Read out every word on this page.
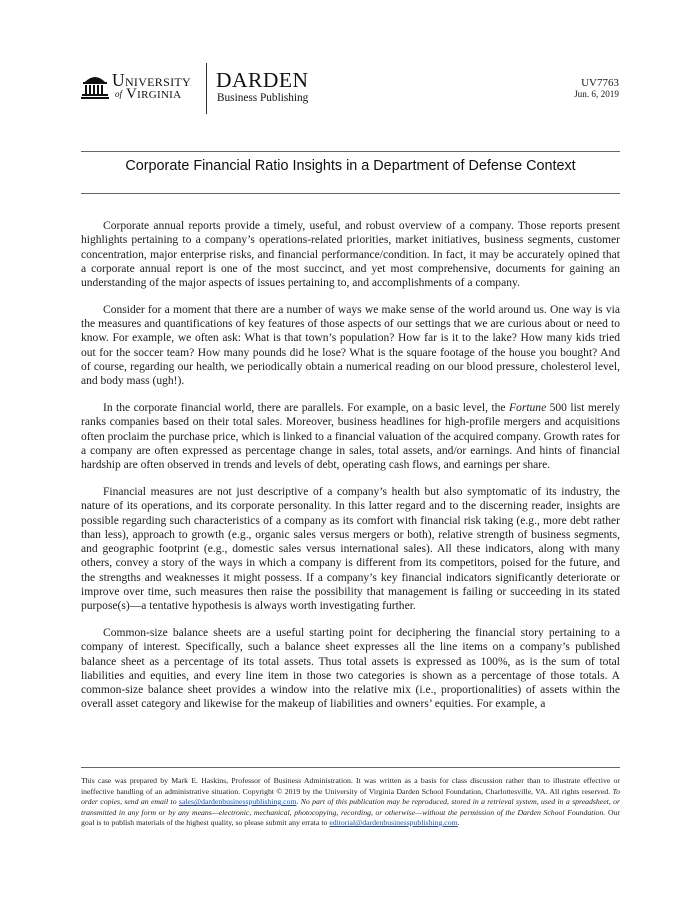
University
of Virginia
DARDEN
Business Publishing
UV7763
Jun. 6, 2019
Corporate Financial Ratio Insights in a Department of Defense Context

Corporate annual reports provide a timely, useful, and robust overview of a company. Those reports present highlights pertaining to a company’s operations-related priorities, market initiatives, business segments, customer concentration, major enterprise risks, and financial performance/condition. In fact, it may be accurately opined that a corporate annual report is one of the most succinct, and yet most comprehensive, documents for gaining an understanding of the major aspects of issues pertaining to, and accomplishments of a company.

Consider for a moment that there are a number of ways we make sense of the world around us. One way is via the measures and quantifications of key features of those aspects of our settings that we are curious about or need to know. For example, we often ask: What is that town’s population? How far is it to the lake? How many kids tried out for the soccer team? How many pounds did he lose? What is the square footage of the house you bought? And of course, regarding our health, we periodically obtain a numerical reading on our blood pressure, cholesterol level, and body mass (ugh!).

In the corporate financial world, there are parallels. For example, on a basic level, the Fortune 500 list merely ranks companies based on their total sales. Moreover, business headlines for high-profile mergers and acquisitions often proclaim the purchase price, which is linked to a financial valuation of the acquired company. Growth rates for a company are often expressed as percentage change in sales, total assets, and/or earnings. And hints of financial hardship are often observed in trends and levels of debt, operating cash flows, and earnings per share.

Financial measures are not just descriptive of a company’s health but also symptomatic of its industry, the nature of its operations, and its corporate personality. In this latter regard and to the discerning reader, insights are possible regarding such characteristics of a company as its comfort with financial risk taking (e.g., more debt rather than less), approach to growth (e.g., organic sales versus mergers or both), relative strength of business segments, and geographic footprint (e.g., domestic sales versus international sales). All these indicators, along with many others, convey a story of the ways in which a company is different from its competitors, poised for the future, and the strengths and weaknesses it might possess. If a company’s key financial indicators significantly deteriorate or improve over time, such measures then raise the possibility that management is failing or succeeding in its stated purpose(s)—a tentative hypothesis is always worth investigating further.

Common-size balance sheets are a useful starting point for deciphering the financial story pertaining to a company of interest. Specifically, such a balance sheet expresses all the line items on a company’s published balance sheet as a percentage of its total assets. Thus total assets is expressed as 100%, as is the sum of total liabilities and equities, and every line item in those two categories is shown as a percentage of those totals. A common-size balance sheet provides a window into the relative mix (i.e., proportionalities) of assets within the overall asset category and likewise for the makeup of liabilities and owners’ equities. For example, a

This case was prepared by Mark E. Haskins, Professor of Business Administration. It was written as a basis for class discussion rather than to illustrate effective or ineffective handling of an administrative situation. Copyright © 2019 by the University of Virginia Darden School Foundation, Charlottesville, VA. All rights reserved. To order copies, send an email to sales@dardenbusinesspublishing.com. No part of this publication may be reproduced, stored in a retrieval system, used in a spreadsheet, or transmitted in any form or by any means—electronic, mechanical, photocopying, recording, or otherwise—without the permission of the Darden School Foundation. Our goal is to publish materials of the highest quality, so please submit any errata to editorial@dardenbusinesspublishing.com.
